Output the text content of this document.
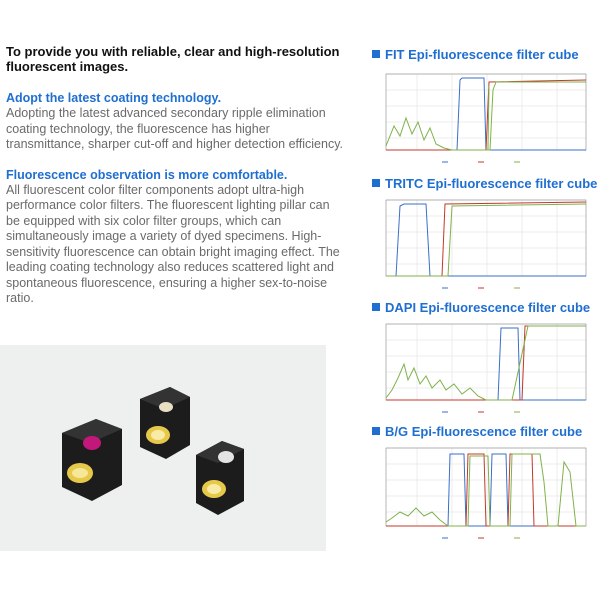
To provide you with reliable, clear and high-resolution fluorescent images.

Adopt the latest coating technology.

Adopting the latest advanced secondary ripple elimination coating technology, the fluorescence has higher transmittance, sharper cut-off and higher detection efficiency.

Fluorescence observation is more comfortable.

All fluorescent color filter components adopt ultra-high performance color filters. The fluorescent lighting pillar can be equipped with six color filter groups, which can simultaneously image a variety of dyed specimens. High-sensitivity fluorescence can obtain bright imaging effect. The leading coating technology also reduces scattered light and spontaneous fluorescence, ensuring a higher sex-to-noise ratio.

FIT Epi-fluorescence filter cube
TRITC Epi-fluorescence filter cube
DAPI Epi-fluorescence filter cube
B/G Epi-fluorescence filter cube
